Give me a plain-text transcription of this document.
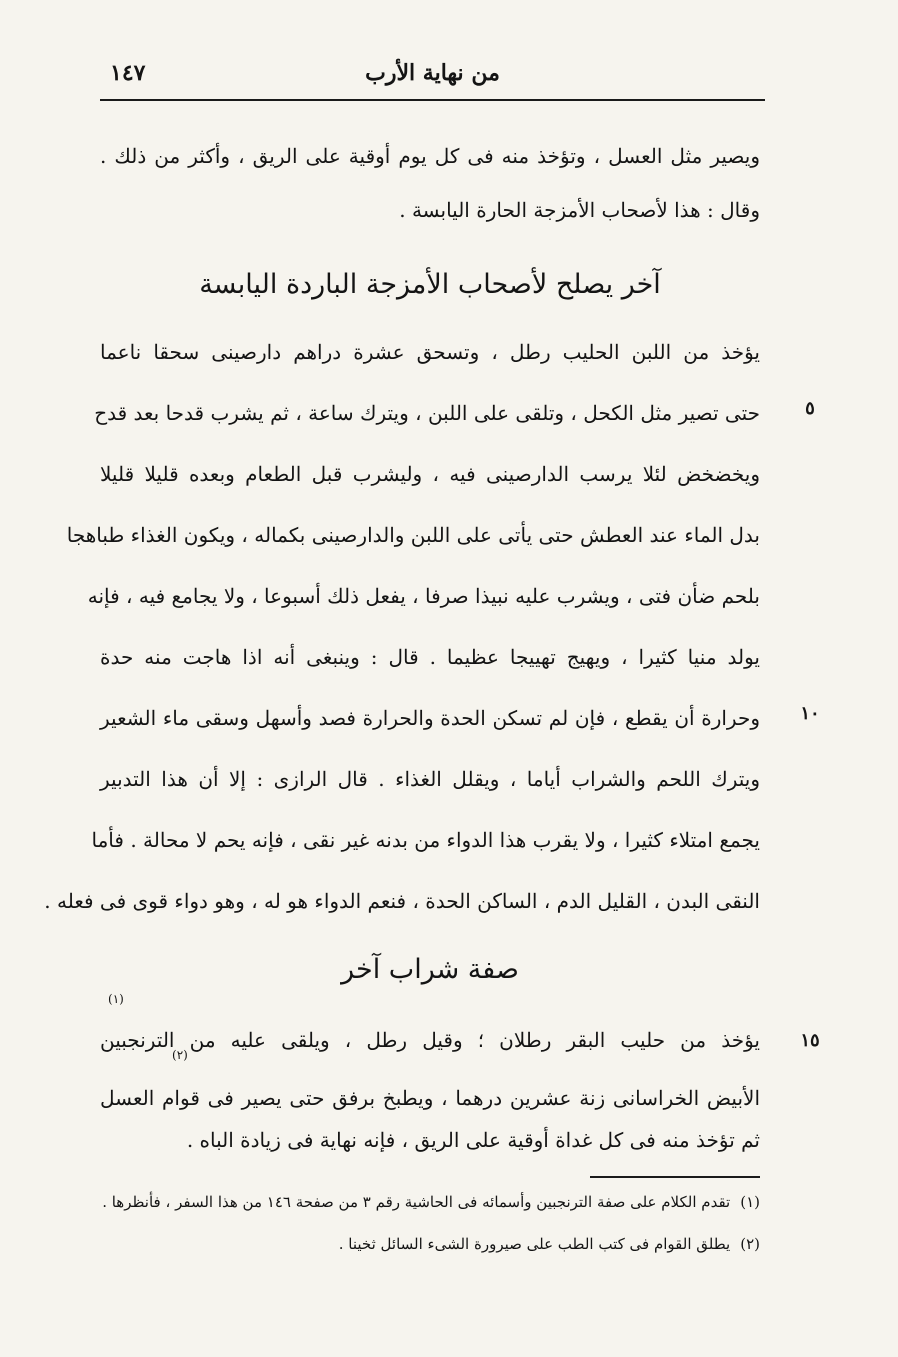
من نهاية الأرب
١٤٧
ويصير مثل العسل ، وتؤخذ منه فى كل يوم أوقية على الريق ، وأكثر من ذلك .
وقال : هذا لأصحاب الأمزجة الحارة اليابسة .
آخر يصلح لأصحاب الأمزجة الباردة اليابسة
يؤخذ من اللبن الحليب رطل ، وتسحق عشرة دراهم دارصينى سحقا ناعما
حتى تصير مثل الكحل ، وتلقى على اللبن ، ويترك ساعة ، ثم يشرب قدحا بعد قدح
ويخضخض لئلا يرسب الدارصينى فيه ، وليشرب قبل الطعام وبعده قليلا قليلا
بدل الماء عند العطش حتى يأتى على اللبن والدارصينى بكماله ، ويكون الغذاء طباهجا
بلحم ضأن فتى ، ويشرب عليه نبيذا صرفا ، يفعل ذلك أسبوعا ، ولا يجامع فيه ، فإنه
يولد منيا كثيرا ، ويهيج تهييجا عظيما . قال : وينبغى أنه اذا هاجت منه حدة
وحرارة أن يقطع ، فإن لم تسكن الحدة والحرارة فصد وأسهل وسقى ماء الشعير
ويترك اللحم والشراب أياما ، ويقلل الغذاء . قال الرازى : إلا أن هذا التدبير
يجمع امتلاء كثيرا ، ولا يقرب هذا الدواء من بدنه غير نقى ، فإنه يحم لا محالة . فأما
النقى البدن ، القليل الدم ، الساكن الحدة ، فنعم الدواء هو له ، وهو دواء قوى فى فعله .
٥
١٠
١٥
صفة شراب آخر
يؤخذ من حليب البقر رطلان ؛ وقيل رطل ، ويلقى عليه من الترنجبين
(١)
الأبيض الخراسانى زنة عشرين درهما ، ويطبخ برفق حتى يصير فى قوام العسل
(٢)
ثم تؤخذ منه فى كل غداة أوقية على الريق ، فإنه نهاية فى زيادة الباه .
(١)تقدم الكلام على صفة الترنجبين وأسمائه فى الحاشية رقم ٣ من صفحة ١٤٦ من هذا السفر ، فأنظرها .
(٢)يطلق القوام فى كتب الطب على صيرورة الشىء السائل ثخينا .
